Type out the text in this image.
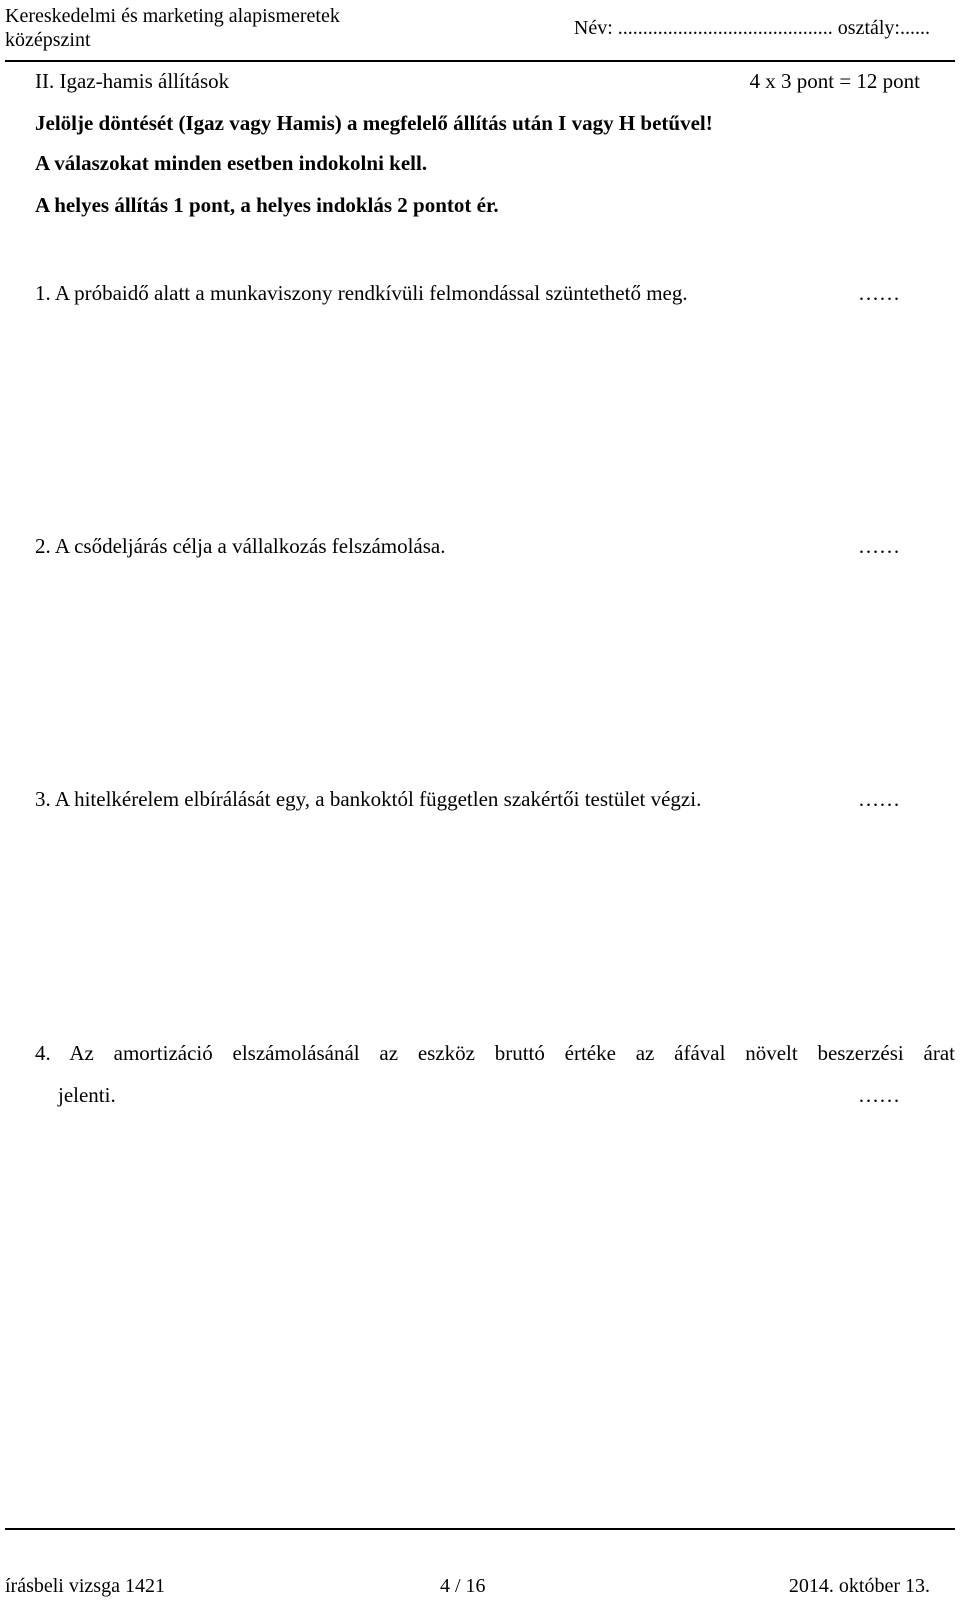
Kereskedelmi és marketing alapismeretek
középszint
Név: ........................................... osztály:......
II. Igaz-hamis állítások	4 x 3 pont = 12 pont
Jelölje döntését (Igaz vagy Hamis) a megfelelő állítás után I vagy H betűvel!
A válaszokat minden esetben indokolni kell.
A helyes állítás 1 pont, a helyes indoklás 2 pontot ér.
1. A próbaidő alatt a munkaviszony rendkívüli felmondással szüntethető meg.	……
2. A csődeljárás célja a vállalkozás felszámolása.	……
3. A hitelkérelem elbírálását egy, a bankoktól független szakértői testület végzi.	……
4. Az amortizáció elszámolásánál az eszköz bruttó értéke az áfával növelt beszerzési árat
jelenti.	……
írásbeli vizsga 1421	4 / 16	2014. október 13.
